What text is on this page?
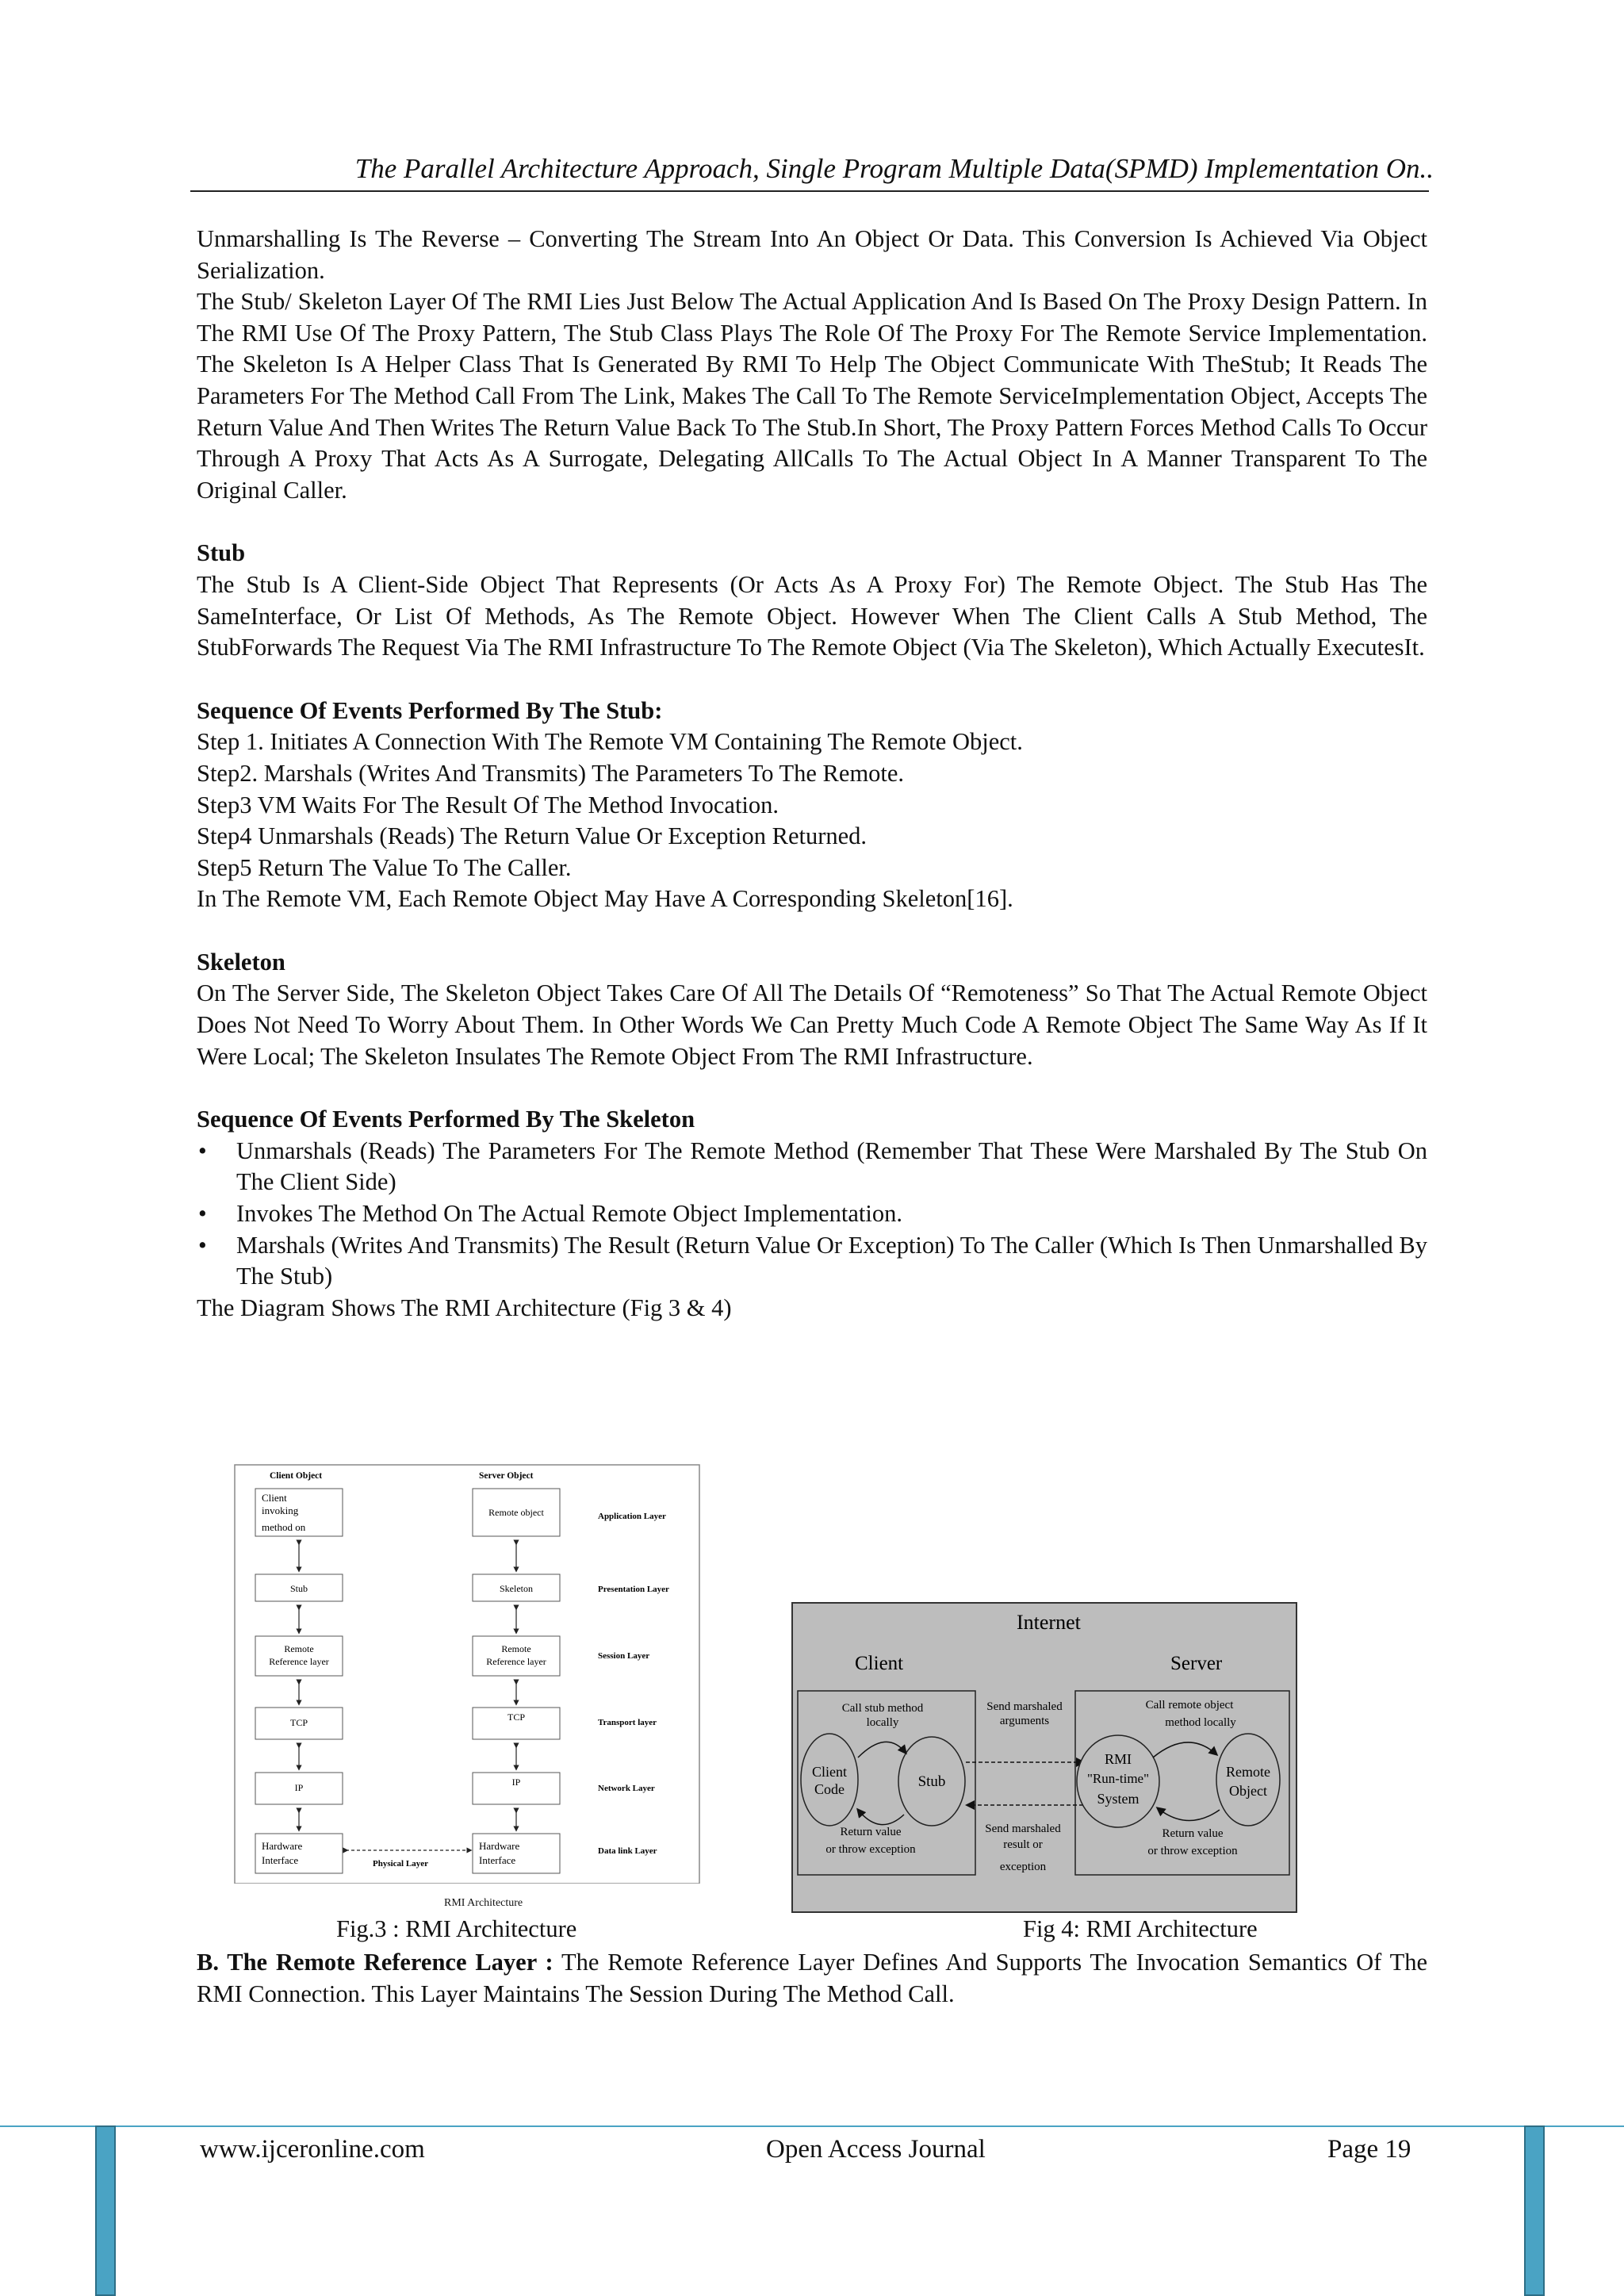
The Parallel Architecture Approach, Single Program Multiple Data(SPMD) Implementation On..

Unmarshalling Is The Reverse – Converting The Stream Into An Object Or Data. This Conversion Is Achieved Via Object Serialization.

The Stub/ Skeleton Layer Of The RMI Lies Just Below The Actual Application And Is Based On The Proxy Design Pattern. In The RMI Use Of The Proxy Pattern, The Stub Class Plays The Role Of The Proxy For The Remote Service Implementation. The Skeleton Is A Helper Class That Is Generated By RMI To Help The Object Communicate With TheStub; It Reads The Parameters For The Method Call From The Link, Makes The Call To The Remote ServiceImplementation Object, Accepts The Return Value And Then Writes The Return Value Back To The Stub.In Short, The Proxy Pattern Forces Method Calls To Occur Through A Proxy That Acts As A Surrogate, Delegating AllCalls To The Actual Object In A Manner Transparent To The Original Caller.

Stub

The Stub Is A Client-Side Object That Represents (Or Acts As A Proxy For) The Remote Object. The Stub Has The SameInterface, Or List Of Methods, As The Remote Object. However When The Client Calls A Stub Method, The StubForwards The Request Via The RMI Infrastructure To The Remote Object (Via The Skeleton), Which Actually ExecutesIt.

Sequence Of Events Performed By The Stub:

Step 1. Initiates A Connection With The Remote VM Containing The Remote Object.

Step2. Marshals (Writes And Transmits) The Parameters To The Remote.

Step3 VM Waits For The Result Of The Method Invocation.

Step4 Unmarshals (Reads) The Return Value Or Exception Returned.

Step5 Return The Value To The Caller.

In The Remote VM, Each Remote Object May Have A Corresponding Skeleton[16].

Skeleton

On The Server Side, The Skeleton Object Takes Care Of All The Details Of “Remoteness” So That The Actual Remote Object Does Not Need To Worry About Them. In Other Words We Can Pretty Much Code A Remote Object The Same Way As If It Were Local; The Skeleton Insulates The Remote Object From The RMI Infrastructure.

Sequence Of Events Performed By The Skeleton

• Unmarshals (Reads) The Parameters For The Remote Method (Remember That These Were Marshaled By The Stub On The Client Side)
• Invokes The Method On The Actual Remote Object Implementation.
• Marshals (Writes And Transmits) The Result (Return Value Or Exception) To The Caller (Which Is Then Unmarshalled By The Stub)

The Diagram Shows The RMI Architecture (Fig 3 & 4)

Client Object	Server Object
Client
invoking
method on
Stub
Remote
Reference layer
TCP
IP
Hardware
Interface
Remote object
Skeleton
Remote
Reference layer
TCP
IP
Hardware
Interface
Physical Layer
Application Layer
Presentation Layer
Session Layer
Transport layer
Network Layer
Data link Layer
RMI Architecture
Internet
Client	Server
Call stub method
locally
Client
Code	Stub
Return value
or throw exception
Send marshaled
arguments
Send marshaled
result or
exception
Call remote object
method locally
RMI
"Run-time"
System
Remote
Object
Return value
or throw exception
Fig.3 : RMI Architecture	Fig 4: RMI Architecture
B. The Remote Reference Layer : The Remote Reference Layer Defines And Supports The Invocation Semantics Of The RMI Connection. This Layer Maintains The Session During The Method Call.
www.ijceronline.com	Open Access Journal	Page 19
